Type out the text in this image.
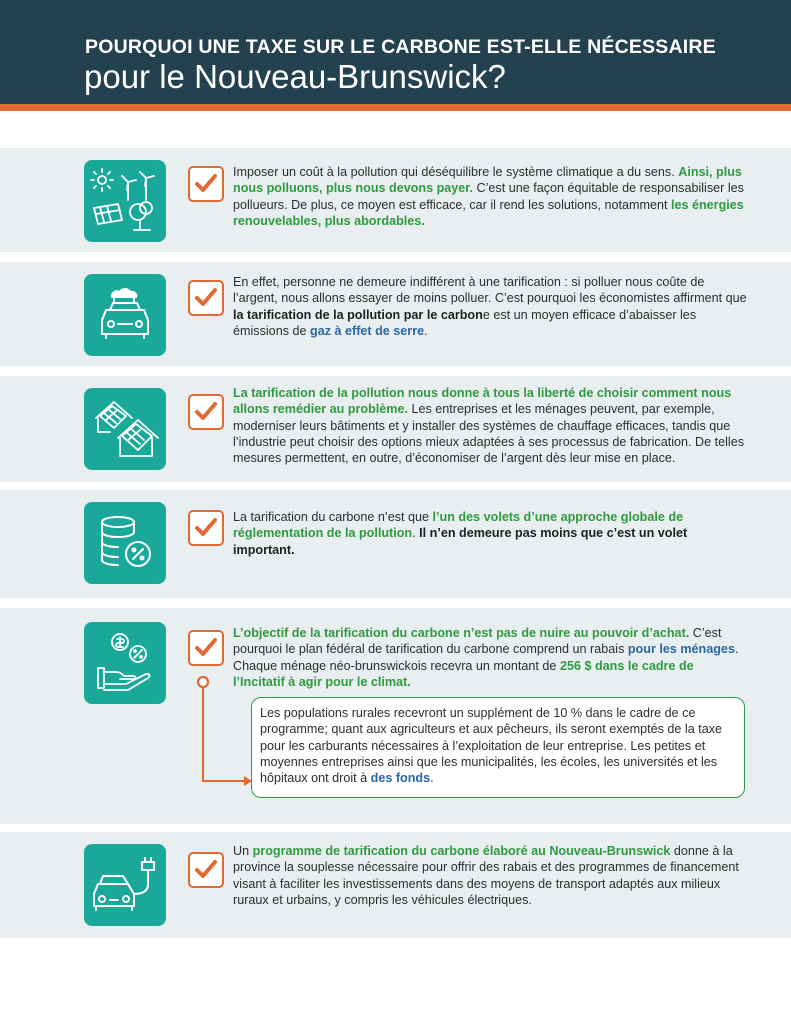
POURQUOI UNE TAXE SUR LE CARBONE EST-ELLE NÉCESSAIRE
pour le Nouveau-Brunswick?
Imposer un coût à la pollution qui déséquilibre le système climatique a du sens. Ainsi, plus nous polluons, plus nous devons payer. C’est une façon équitable de responsabiliser les pollueurs. De plus, ce moyen est efficace, car il rend les solutions, notamment les énergies renouvelables, plus abordables.
En effet, personne ne demeure indifférent à une tarification : si polluer nous coûte de l’argent, nous allons essayer de moins polluer. C’est pourquoi les économistes affirment que la tarification de la pollution par le carbone est un moyen efficace d’abaisser les émissions de gaz à effet de serre.
La tarification de la pollution nous donne à tous la liberté de choisir comment nous allons remédier au problème. Les entreprises et les ménages peuvent, par exemple, moderniser leurs bâtiments et y installer des systèmes de chauffage efficaces, tandis que l’industrie peut choisir des options mieux adaptées à ses processus de fabrication. De telles mesures permettent, en outre, d’économiser de l’argent dès leur mise en place.
La tarification du carbone n’est que l’un des volets d’une approche globale de réglementation de la pollution. Il n’en demeure pas moins que c’est un volet important.
L’objectif de la tarification du carbone n’est pas de nuire au pouvoir d’achat. C’est pourquoi le plan fédéral de tarification du carbone comprend un rabais pour les ménages. Chaque ménage néo-brunswickois recevra un montant de 256 $ dans le cadre de l’Incitatif à agir pour le climat.
Les populations rurales recevront un supplément de 10 % dans le cadre de ce programme; quant aux agriculteurs et aux pêcheurs, ils seront exemptés de la taxe pour les carburants nécessaires à l’exploitation de leur entreprise. Les petites et moyennes entreprises ainsi que les municipalités, les écoles, les universités et les hôpitaux ont droit à des fonds.
Un programme de tarification du carbone élaboré au Nouveau-Brunswick donne à la province la souplesse nécessaire pour offrir des rabais et des programmes de financement visant à faciliter les investissements dans des moyens de transport adaptés aux milieux ruraux et urbains, y compris les véhicules électriques.
